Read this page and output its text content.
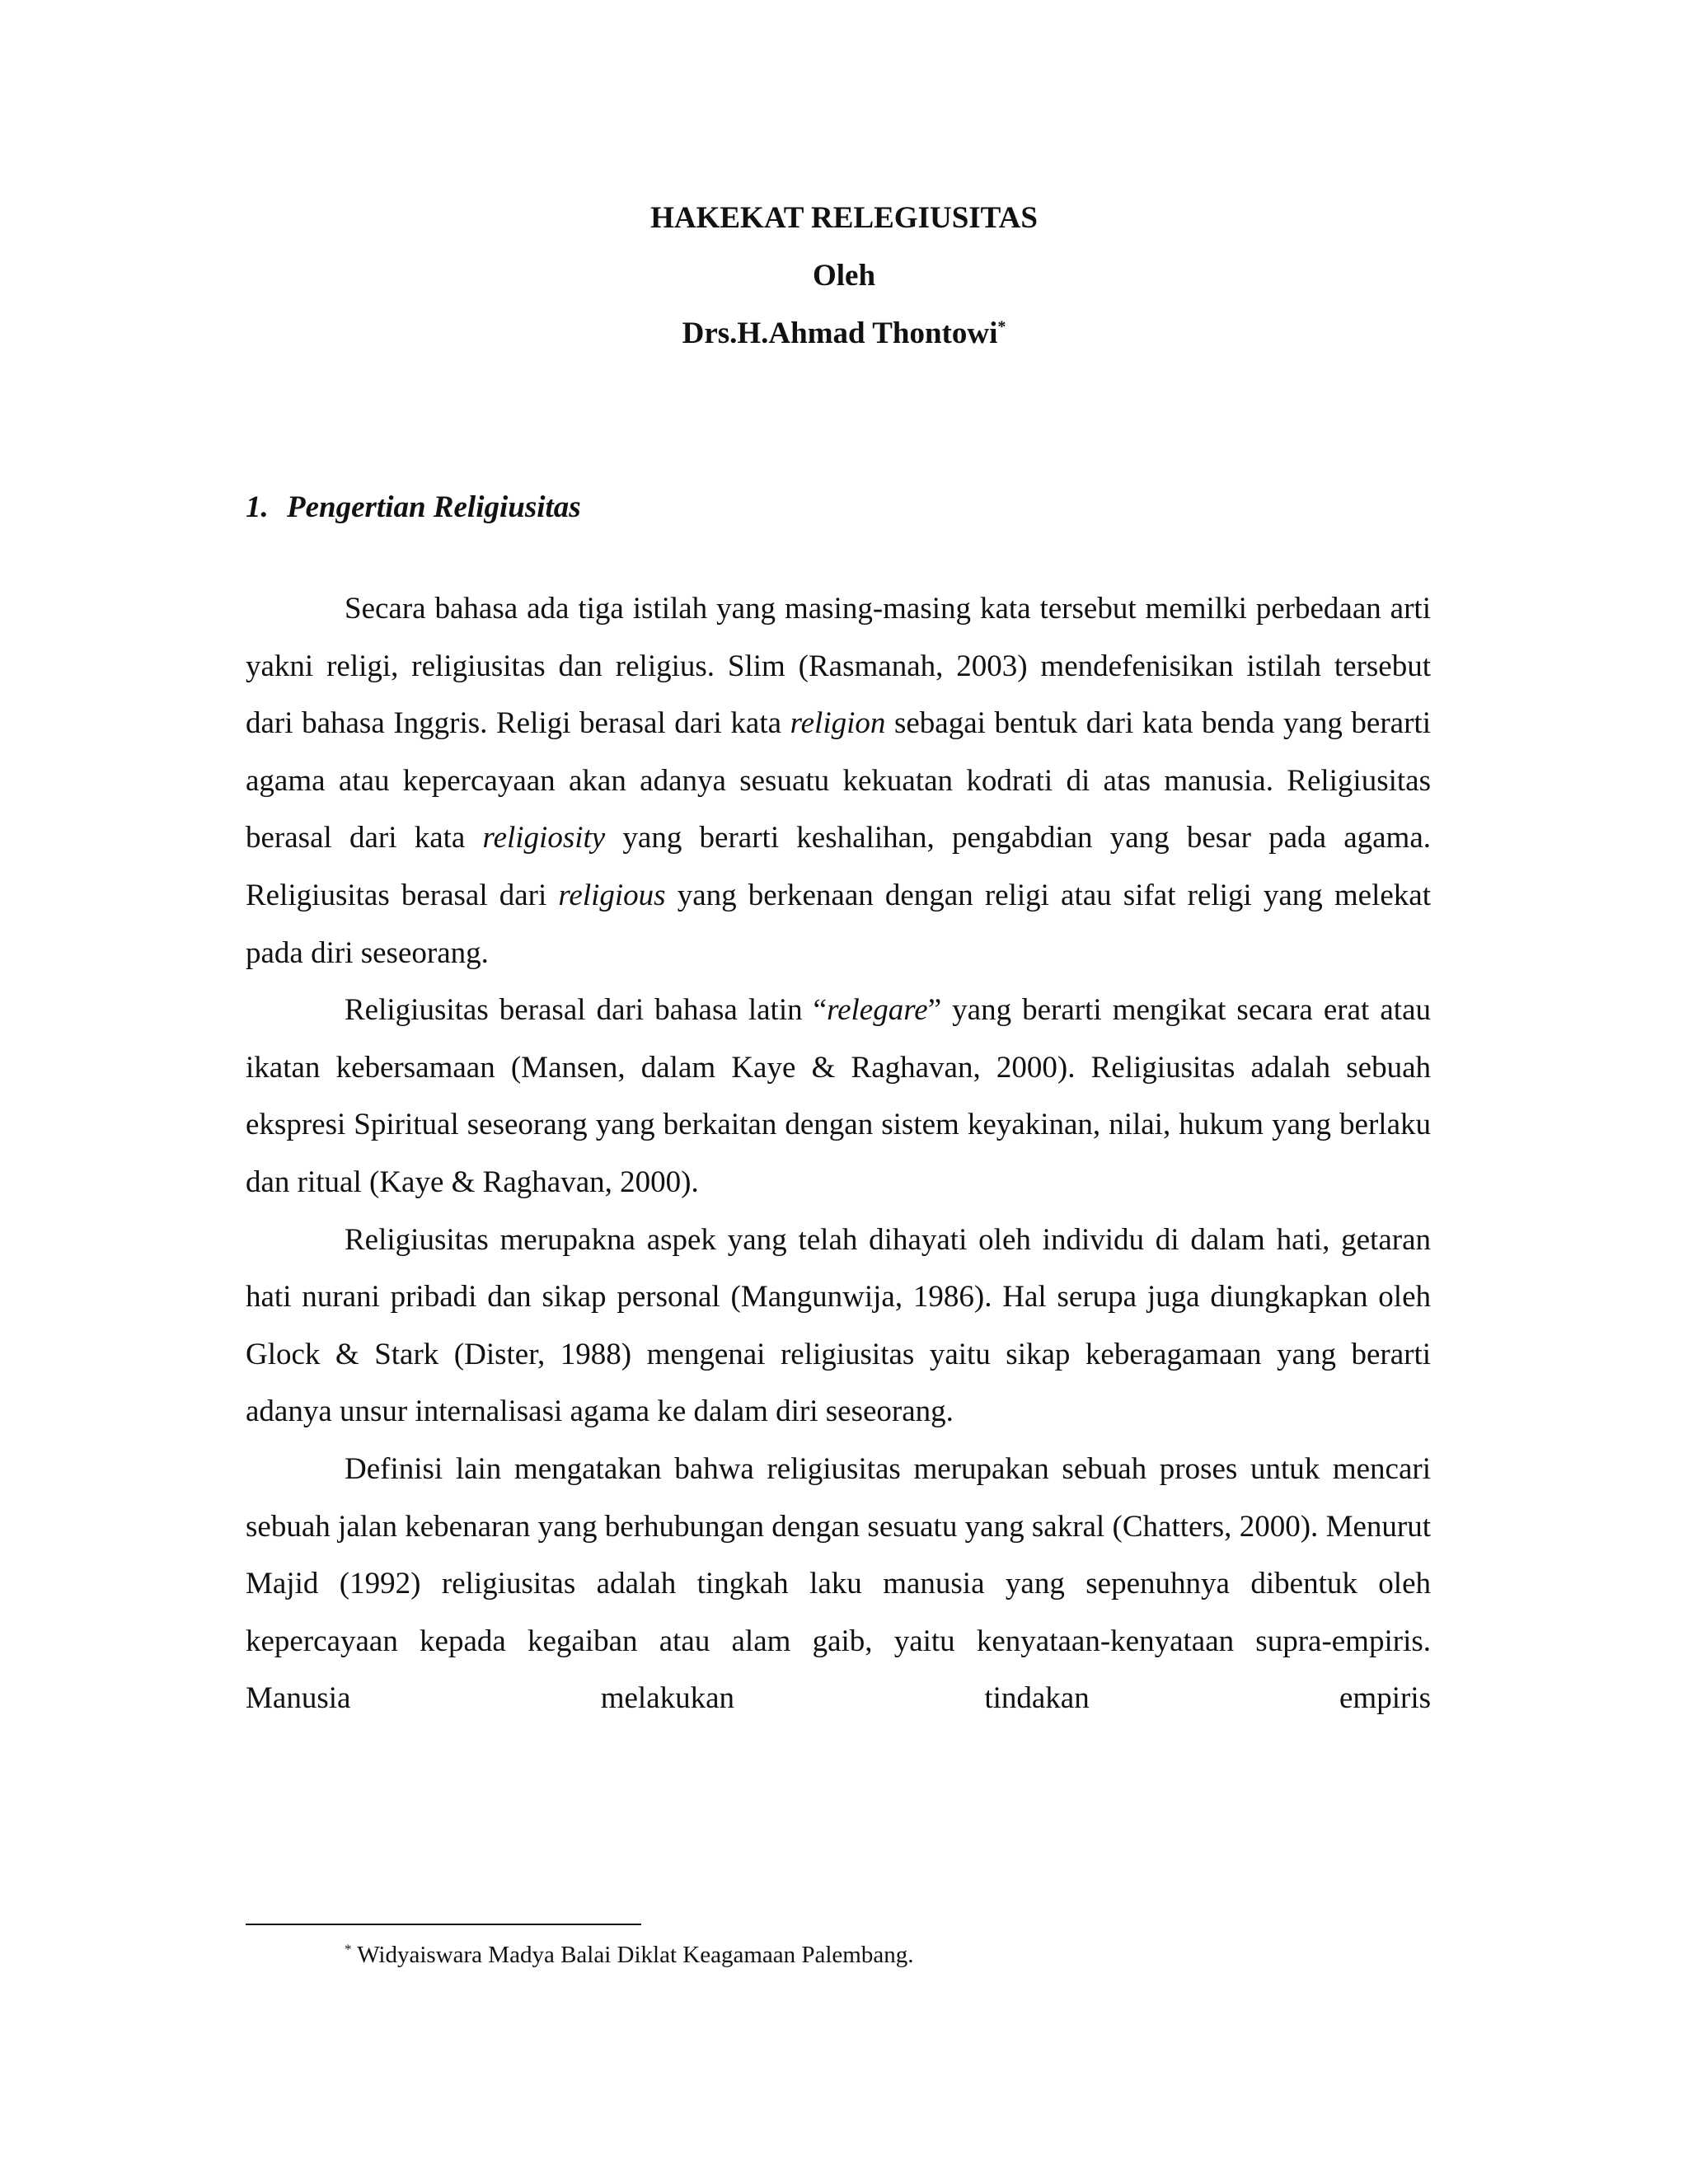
HAKEKAT RELEGIUSITAS
Oleh
Drs.H.Ahmad Thontowi*
1. Pengertian Religiusitas

Secara bahasa ada tiga istilah yang masing-masing kata tersebut memilki perbedaan arti yakni religi, religiusitas dan religius. Slim (Rasmanah, 2003) mendefenisikan istilah tersebut dari bahasa Inggris. Religi berasal dari kata religion sebagai bentuk dari kata benda yang berarti agama atau kepercayaan akan adanya sesuatu kekuatan kodrati di atas manusia. Religiusitas berasal dari kata religiosity yang berarti keshalihan, pengabdian yang besar pada agama. Religiusitas berasal dari religious yang berkenaan dengan religi atau sifat religi yang melekat pada diri seseorang.

Religiusitas berasal dari bahasa latin “relegare” yang berarti mengikat secara erat atau ikatan kebersamaan (Mansen, dalam Kaye & Raghavan, 2000). Religiusitas adalah sebuah ekspresi Spiritual seseorang yang berkaitan dengan sistem keyakinan, nilai, hukum yang berlaku dan ritual (Kaye & Raghavan, 2000).

Religiusitas merupakna aspek yang telah dihayati oleh individu di dalam hati, getaran hati nurani pribadi dan sikap personal (Mangunwija, 1986). Hal serupa juga diungkapkan oleh Glock & Stark (Dister, 1988) mengenai religiusitas yaitu sikap keberagamaan yang berarti adanya unsur internalisasi agama ke dalam diri seseorang.

Definisi lain mengatakan bahwa religiusitas merupakan sebuah proses untuk mencari sebuah jalan kebenaran yang berhubungan dengan sesuatu yang sakral (Chatters, 2000). Menurut Majid (1992) religiusitas adalah tingkah laku manusia yang sepenuhnya dibentuk oleh kepercayaan kepada kegaiban atau alam gaib, yaitu kenyataan-kenyataan supra-empiris. Manusia melakukan tindakan empiris

* Widyaiswara Madya Balai Diklat Keagamaan Palembang.
